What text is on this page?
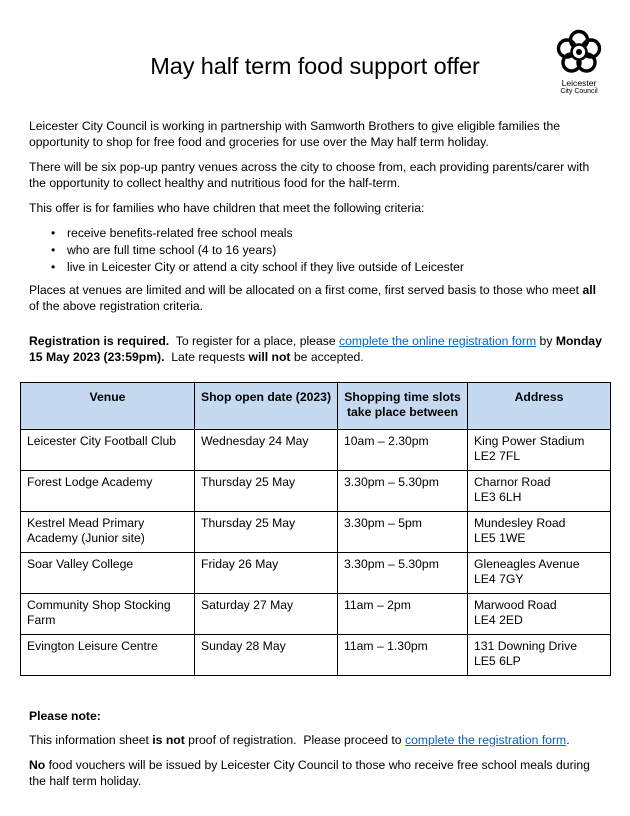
May half term food support offer
Leicester
City Council

Leicester City Council is working in partnership with Samworth Brothers to give eligible families the opportunity to shop for free food and groceries for use over the May half term holiday.

There will be six pop-up pantry venues across the city to choose from, each providing parents/carer with the opportunity to collect healthy and nutritious food for the half-term.

This offer is for families who have children that meet the following criteria:

• receive benefits-related free school meals
• who are full time school (4 to 16 years)
• live in Leicester City or attend a city school if they live outside of Leicester

Places at venues are limited and will be allocated on a first come, first served basis to those who meet all of the above registration criteria.

Registration is required.  To register for a place, please complete the online registration form by Monday 15 May 2023 (23:59pm).  Late requests will not be accepted.

Venue	Shop open date (2023)	Shopping time slots take place between	Address
Leicester City Football Club	Wednesday 24 May	10am – 2.30pm	King Power Stadium
LE2 7FL

Forest Lodge Academy	Thursday 25 May	3.30pm – 5.30pm	Charnor Road
LE3 6LH

Kestrel Mead Primary Academy (Junior site)	Thursday 25 May	3.30pm – 5pm	Mundesley Road
LE5 1WE

Soar Valley College	Friday 26 May	3.30pm – 5.30pm	Gleneagles Avenue
LE4 7GY

Community Shop Stocking Farm	Saturday 27 May	11am – 2pm	Marwood Road
LE4 2ED

Evington Leisure Centre	Sunday 28 May	11am – 1.30pm	131 Downing Drive
LE5 6LP

Please note:

This information sheet is not proof of registration.  Please proceed to complete the registration form.

No food vouchers will be issued by Leicester City Council to those who receive free school meals during the half term holiday.
